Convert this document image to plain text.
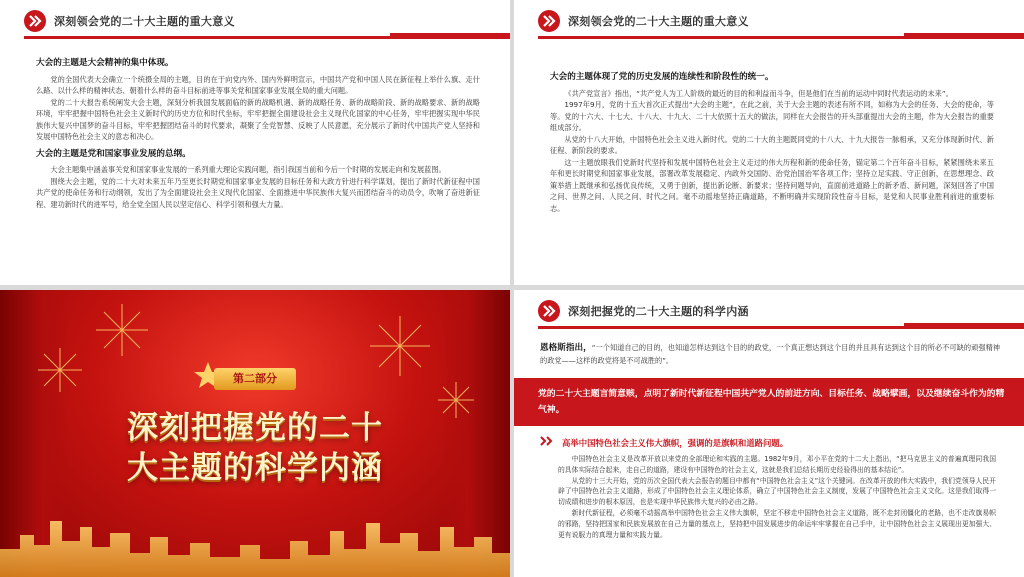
深刻领会党的二十大主题的重大意义

大会的主题是大会精神的集中体现。

党的全国代表大会确立一个统摄全局的主题，目的在于向党内外、国内外鲜明宣示，中国共产党和中国人民在新征程上举什么旗、走什么路、以什么样的精神状态、朝着什么样的奋斗目标前进等事关党和国家事业发展全局的重大问题。

党的二十大报告系统阐发大会主题，深刻分析我国发展面临的新的战略机遇、新的战略任务、新的战略阶段、新的战略要求、新的战略环境，牢牢把握中国特色社会主义新时代的历史方位和时代坐标，牢牢把握全面建设社会主义现代化国家的中心任务，牢牢把握实现中华民族伟大复兴中国梦的奋斗目标，牢牢把握团结奋斗的时代要求，凝聚了全党智慧、反映了人民意愿，充分展示了新时代中国共产党人坚持和发展中国特色社会主义的意志和决心。

大会的主题是党和国家事业发展的总纲。

大会主题集中涵盖事关党和国家事业发展的一系列重大理论实践问题，指引我国当前和今后一个时期的发展走向和发展蓝图。

围绕大会主题，党的二十大对未来五年乃至更长时期党和国家事业发展的目标任务和大政方针进行科学谋划，提出了新时代新征程中国共产党的使命任务和行动纲领，发出了为全面建设社会主义现代化国家、全面推进中华民族伟大复兴而团结奋斗的动员令，吹响了奋进新征程、建功新时代的进军号，给全党全国人民以坚定信心、科学引领和强大力量。

深刻领会党的二十大主题的重大意义

大会的主题体现了党的历史发展的连续性和阶段性的统一。

《共产党宣言》指出，“共产党人为工人阶级的最近的目的和利益而斗争，但是他们在当前的运动中同时代表运动的未来”。

1997年9月，党的十五大首次正式提出“大会的主题”，在此之前，关于大会主题的表述有所不同，如称为大会的任务、大会的使命，等等。党的十六大、十七大、十八大、十九大、二十大依照十五大的做法，同样在大会报告的开头部重提出大会的主题，作为大会报告的重要组成部分。

从党的十八大开始，中国特色社会主义进入新时代。党的二十大的主题既同党的十八大、十九大报告一脉相承，又充分体现新时代、新征程、新阶段的要求。

这一主题放眼我们党新时代坚持和发展中国特色社会主义走过的伟大历程和新的使命任务，锚定第二个百年奋斗目标，紧紧围绕未来五年和更长时期党和国家事业发展，部署改革发展稳定、内政外交国防、治党治国治军各项工作；坚持立足实践、守正创新，在思想理念、政策举措上既继承和弘扬优良传统，又勇于创新，提出新论断、新要求；坚持问题导向，直面前进道路上的新矛盾、新问题，深刻回答了中国之问、世界之问、人民之问、时代之问。毫不动摇地坚持正确道路，不断明确并实现阶段性奋斗目标，是党和人民事业胜利前进的重要标志。

第二部分
深刻把握党的二十
大主题的科学内涵
深刻把握党的二十大主题的科学内涵
恩格斯指出，“一个知道自己的目的，也知道怎样达到这个目的的政党，一个真正想达到这个目的并且具有达到这个目的所必不可缺的顽强精神的政党——这样的政党将是不可战胜的”。
党的二十大主题言简意赅，点明了新时代新征程中国共产党人的前进方向、目标任务、战略擘画，以及继续奋斗作为的精气神。
高举中国特色社会主义伟大旗帜，强调的是旗帜和道路问题。

中国特色社会主义是改革开放以来党的全部理论和实践的主题。1982年9月，邓小平在党的十二大上指出，“把马克思主义的普遍真理同我国的具体实际结合起来，走自己的道路，建设有中国特色的社会主义，这就是我们总结长期历史经验得出的基本结论”。

从党的十三大开始，党的历次全国代表大会报告的题目中都有“中国特色社会主义”这个关键词。在改革开放的伟大实践中，我们党领导人民开辟了中国特色社会主义道路，形成了中国特色社会主义理论体系，确立了中国特色社会主义制度，发展了中国特色社会主义文化。这是我们取得一切成绩和进步的根本原因，也是实现中华民族伟大复兴的必由之路。

新时代新征程，必须毫不动摇高举中国特色社会主义伟大旗帜，坚定不移走中国特色社会主义道路，既不走封闭僵化的老路，也不走改旗易帜的邪路，坚持把国家和民族发展放在自己力量的基点上，坚持把中国发展进步的命运牢牢掌握在自己手中，让中国特色社会主义展现出更加强大、更有说服力的真理力量和实践力量。
